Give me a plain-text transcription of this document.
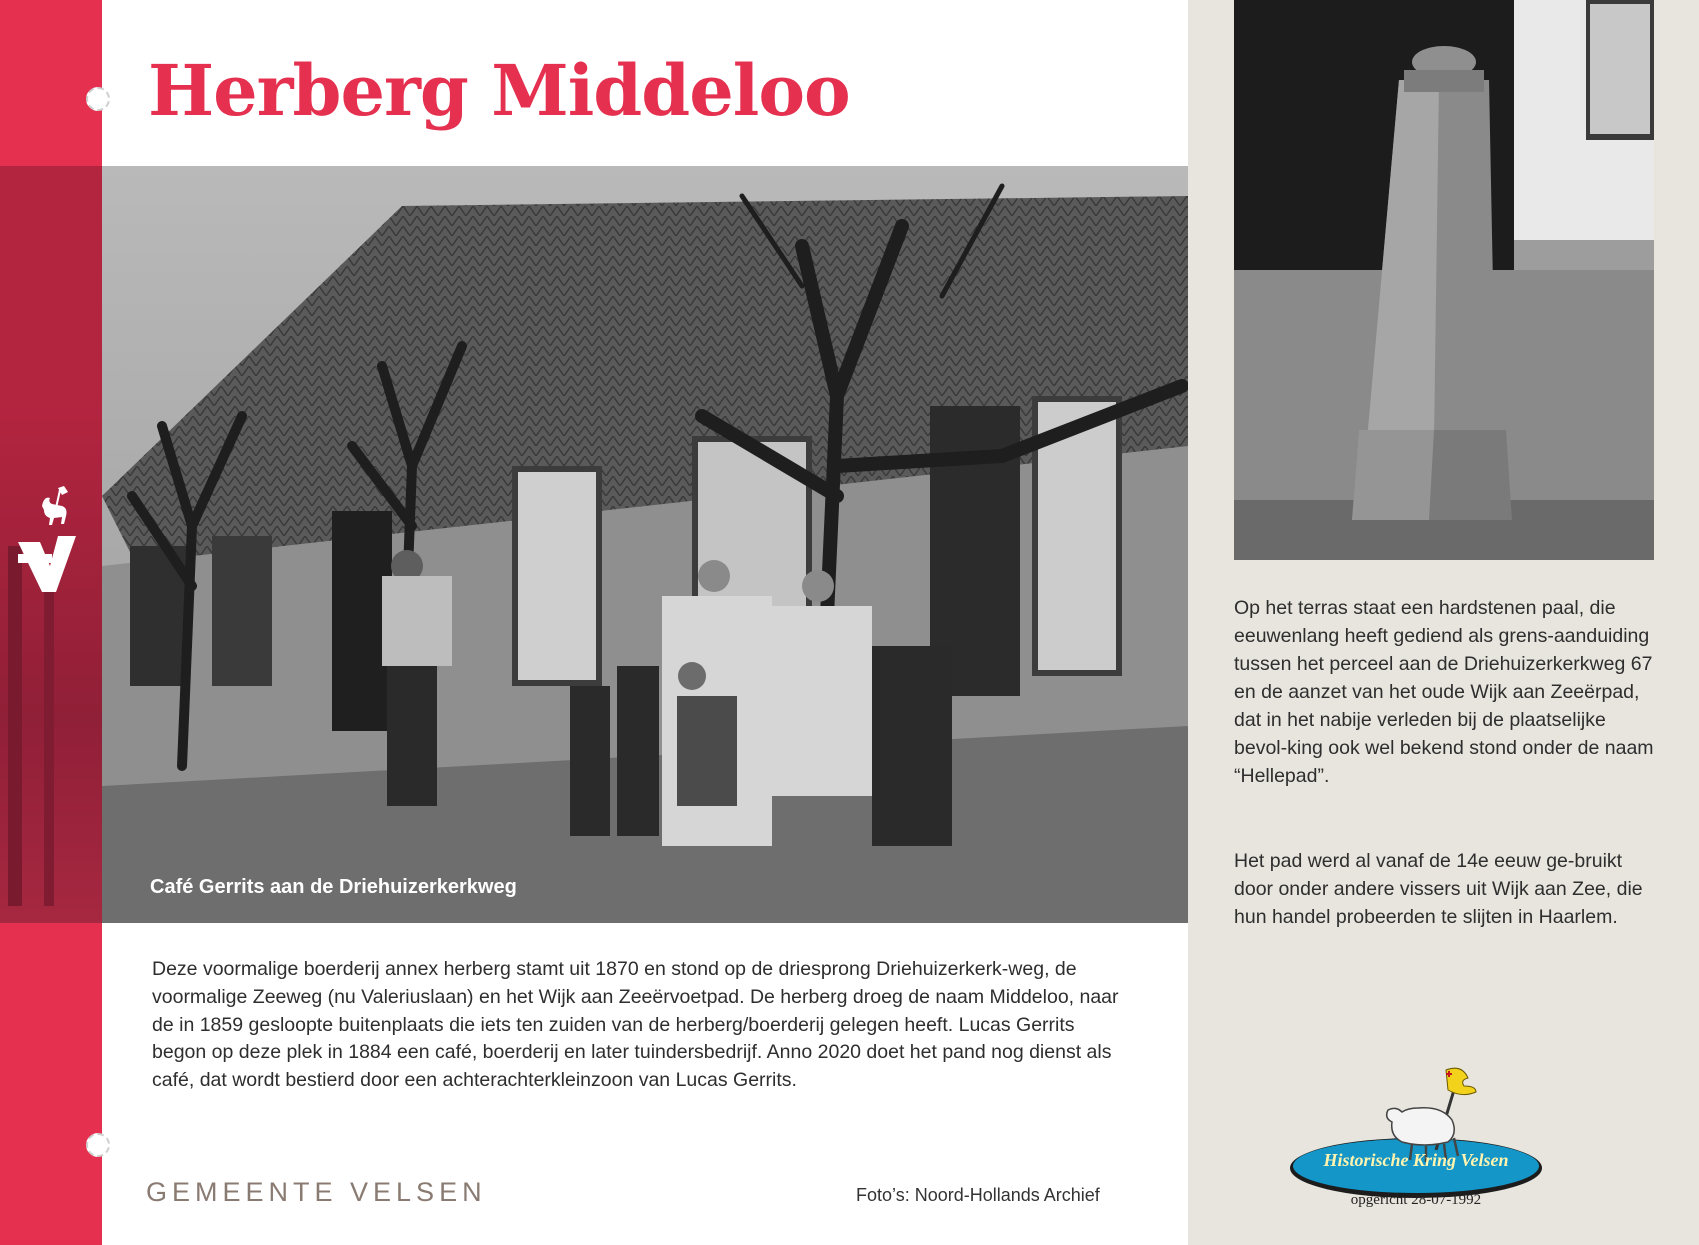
Herberg Middeloo
Café Gerrits aan de Driehuizerkerkweg

Deze voormalige boerderij annex herberg stamt uit 1870 en stond op de driesprong Driehuizerkerk-weg, de voormalige Zeeweg (nu Valeriuslaan) en het Wijk aan Zeeërvoetpad. De herberg droeg de naam Middeloo, naar de in 1859 gesloopte buitenplaats die iets ten zuiden van de herberg/boerderij gelegen heeft. Lucas Gerrits begon op deze plek in 1884 een café, boerderij en later tuindersbedrijf. Anno 2020 doet het pand nog dienst als café, dat wordt bestierd door een achterachterkleinzoon van Lucas Gerrits.

GEMEENTE VELSEN	Foto’s: Noord-Hollands Archief

Op het terras staat een hardstenen paal, die eeuwenlang heeft gediend als grens-aanduiding tussen het perceel aan de Driehuizerkerkweg 67 en de aanzet van het oude Wijk aan Zeeërpad, dat in het nabije verleden bij de plaatselijke bevol-king ook wel bekend stond onder de naam “Hellepad”.

Het pad werd al vanaf de 14e eeuw ge-bruikt door onder andere vissers uit Wijk aan Zee, die hun handel probeerden te slijten in Haarlem.

Historische Kring Velsen
opgericht 28-07-1992
